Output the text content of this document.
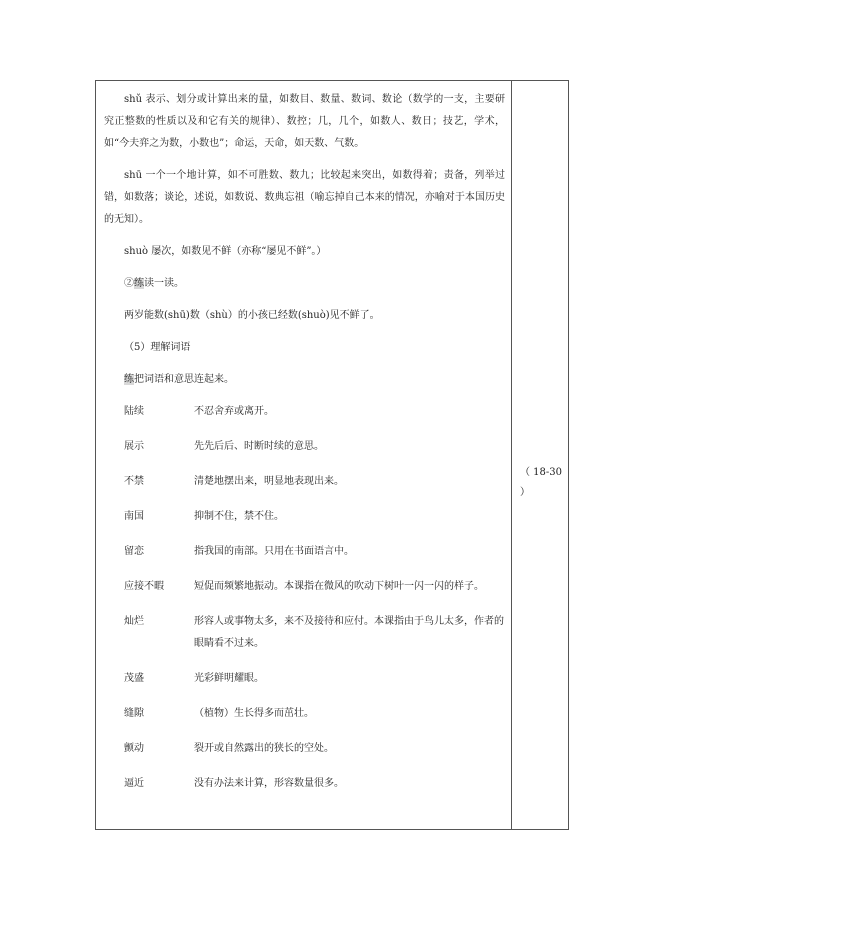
shǔ 表示、划分或计算出来的量，如数目、数量、数词、数论（数学的一支，主要研究正整数的性质以及和它有关的规律）、数控；几，几个，如数人、数日；技艺，学术，如“今夫弈之为数，小数也”；命运，天命，如天数、气数。

shū 一个一个地计算，如不可胜数、数九；比较起来突出，如数得着；责备，列举过错，如数落；谈论，述说，如数说、数典忘祖（喻忘掉自己本来的情况，亦喻对于本国历史的无知）。

shuò 屡次，如数见不鲜（亦称“屡见不鲜”。）

②练读一读。

两岁能数(shū)数（shù）的小孩已经数(shuò)见不鲜了。

（5）理解词语

练把词语和意思连起来。

陆续	不忍舍弃或离开。
展示	先先后后、时断时续的意思。
不禁	清楚地摆出来，明显地表现出来。
南国	抑制不住，禁不住。
留恋	指我国的南部。只用在书面语言中。
应接不暇	短促而频繁地振动。本课指在微风的吹动下树叶一闪一闪的样子。
灿烂	形容人或事物太多，来不及接待和应付。本课指由于鸟儿太多，作者的眼睛看不过来。
茂盛	光彩鲜明耀眼。
缝隙	（植物）生长得多而茁壮。
颤动	裂开或自然露出的狭长的空处。
逼近	没有办法来计算，形容数量很多。
（ 18-30
）
